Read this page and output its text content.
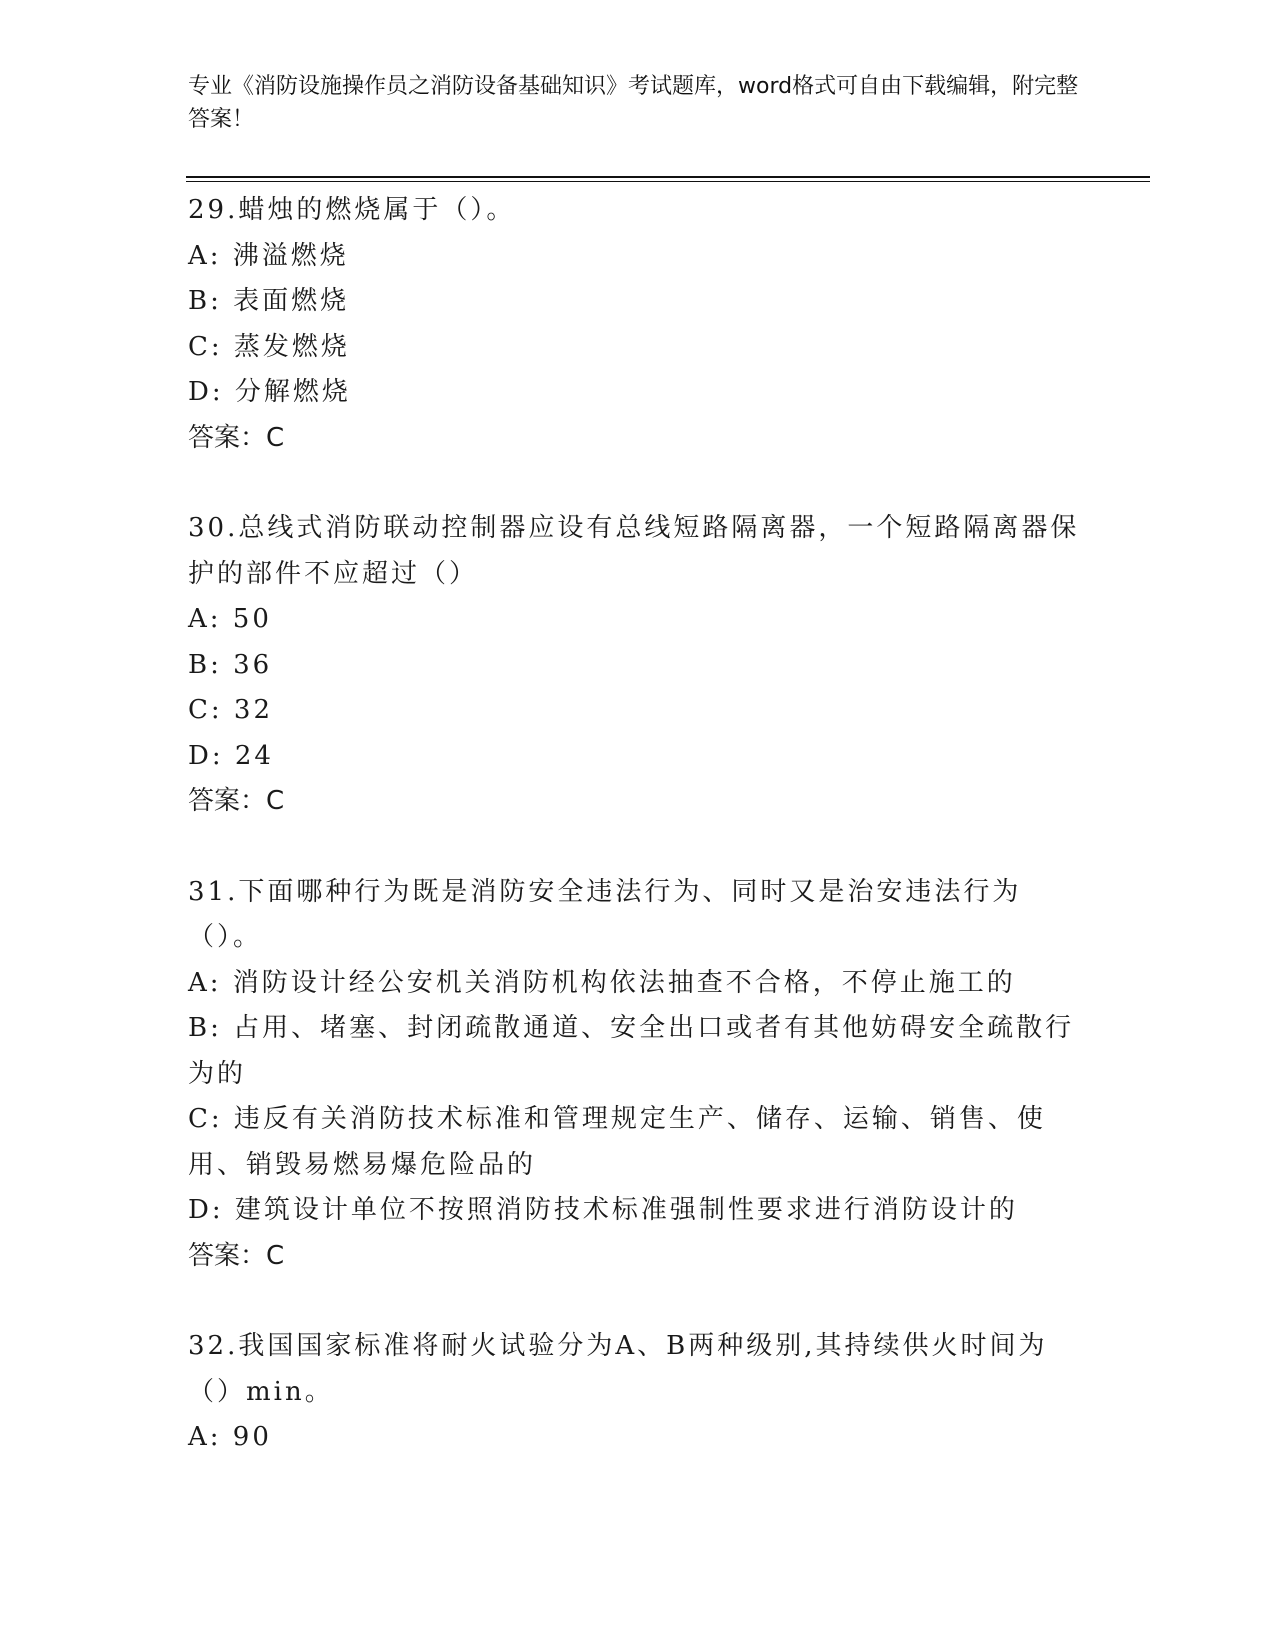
专业《消防设施操作员之消防设备基础知识》考试题库，word格式可自由下载编辑，附完整答案！
29.蜡烛的燃烧属于（）。
A: 沸溢燃烧
B: 表面燃烧
C: 蒸发燃烧
D: 分解燃烧
答案：C
30.总线式消防联动控制器应设有总线短路隔离器，一个短路隔离器保护的部件不应超过（）
A: 50
B: 36
C: 32
D: 24
答案：C
31.下面哪种行为既是消防安全违法行为、同时又是治安违法行为（）。
A: 消防设计经公安机关消防机构依法抽查不合格，不停止施工的
B: 占用、堵塞、封闭疏散通道、安全出口或者有其他妨碍安全疏散行为的
C: 违反有关消防技术标准和管理规定生产、储存、运输、销售、使用、销毁易燃易爆危险品的
D: 建筑设计单位不按照消防技术标准强制性要求进行消防设计的
答案：C
32.我国国家标准将耐火试验分为A、B两种级别,其持续供火时间为（）min。
A: 90
